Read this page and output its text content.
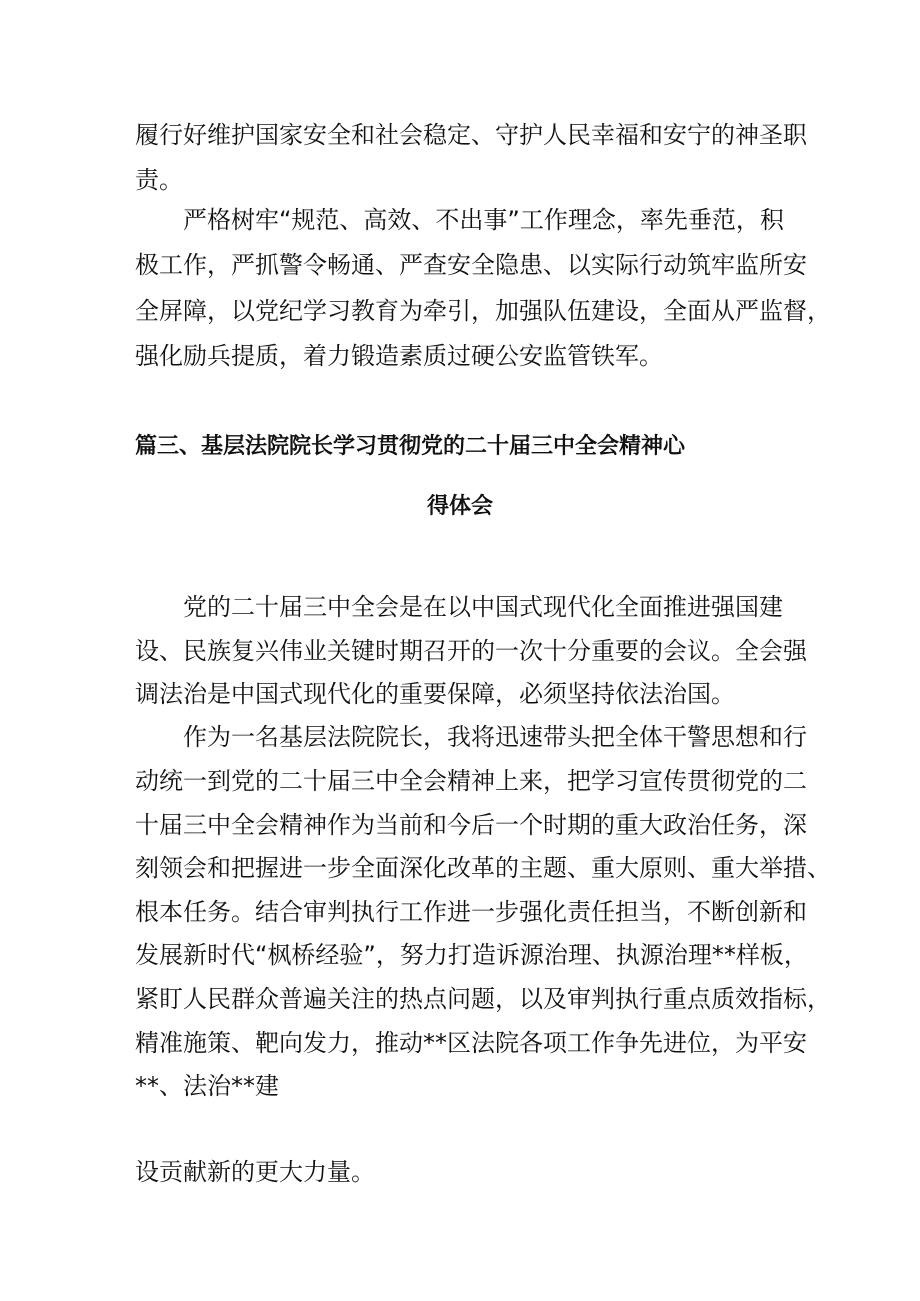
履行好维护国家安全和社会稳定、守护人民幸福和安宁的神圣职

责。

严格树牢“规范、高效、不出事”工作理念，率先垂范，积

极工作，严抓警令畅通、严查安全隐患、以实际行动筑牢监所安

全屏障，以党纪学习教育为牵引，加强队伍建设，全面从严监督，

强化励兵提质，着力锻造素质过硬公安监管铁军。

篇三、基层法院院长学习贯彻党的二十届三中全会精神心
得体会

党的二十届三中全会是在以中国式现代化全面推进强国建

设、民族复兴伟业关键时期召开的一次十分重要的会议。全会强

调法治是中国式现代化的重要保障，必须坚持依法治国。

作为一名基层法院院长，我将迅速带头把全体干警思想和行

动统一到党的二十届三中全会精神上来，把学习宣传贯彻党的二

十届三中全会精神作为当前和今后一个时期的重大政治任务，深

刻领会和把握进一步全面深化改革的主题、重大原则、重大举措、

根本任务。结合审判执行工作进一步强化责任担当，不断创新和

发展新时代“枫桥经验”，努力打造诉源治理、执源治理**样板，

紧盯人民群众普遍关注的热点问题，以及审判执行重点质效指标，

精准施策、靶向发力，推动**区法院各项工作争先进位，为平安

**、法治**建

设贡献新的更大力量。
